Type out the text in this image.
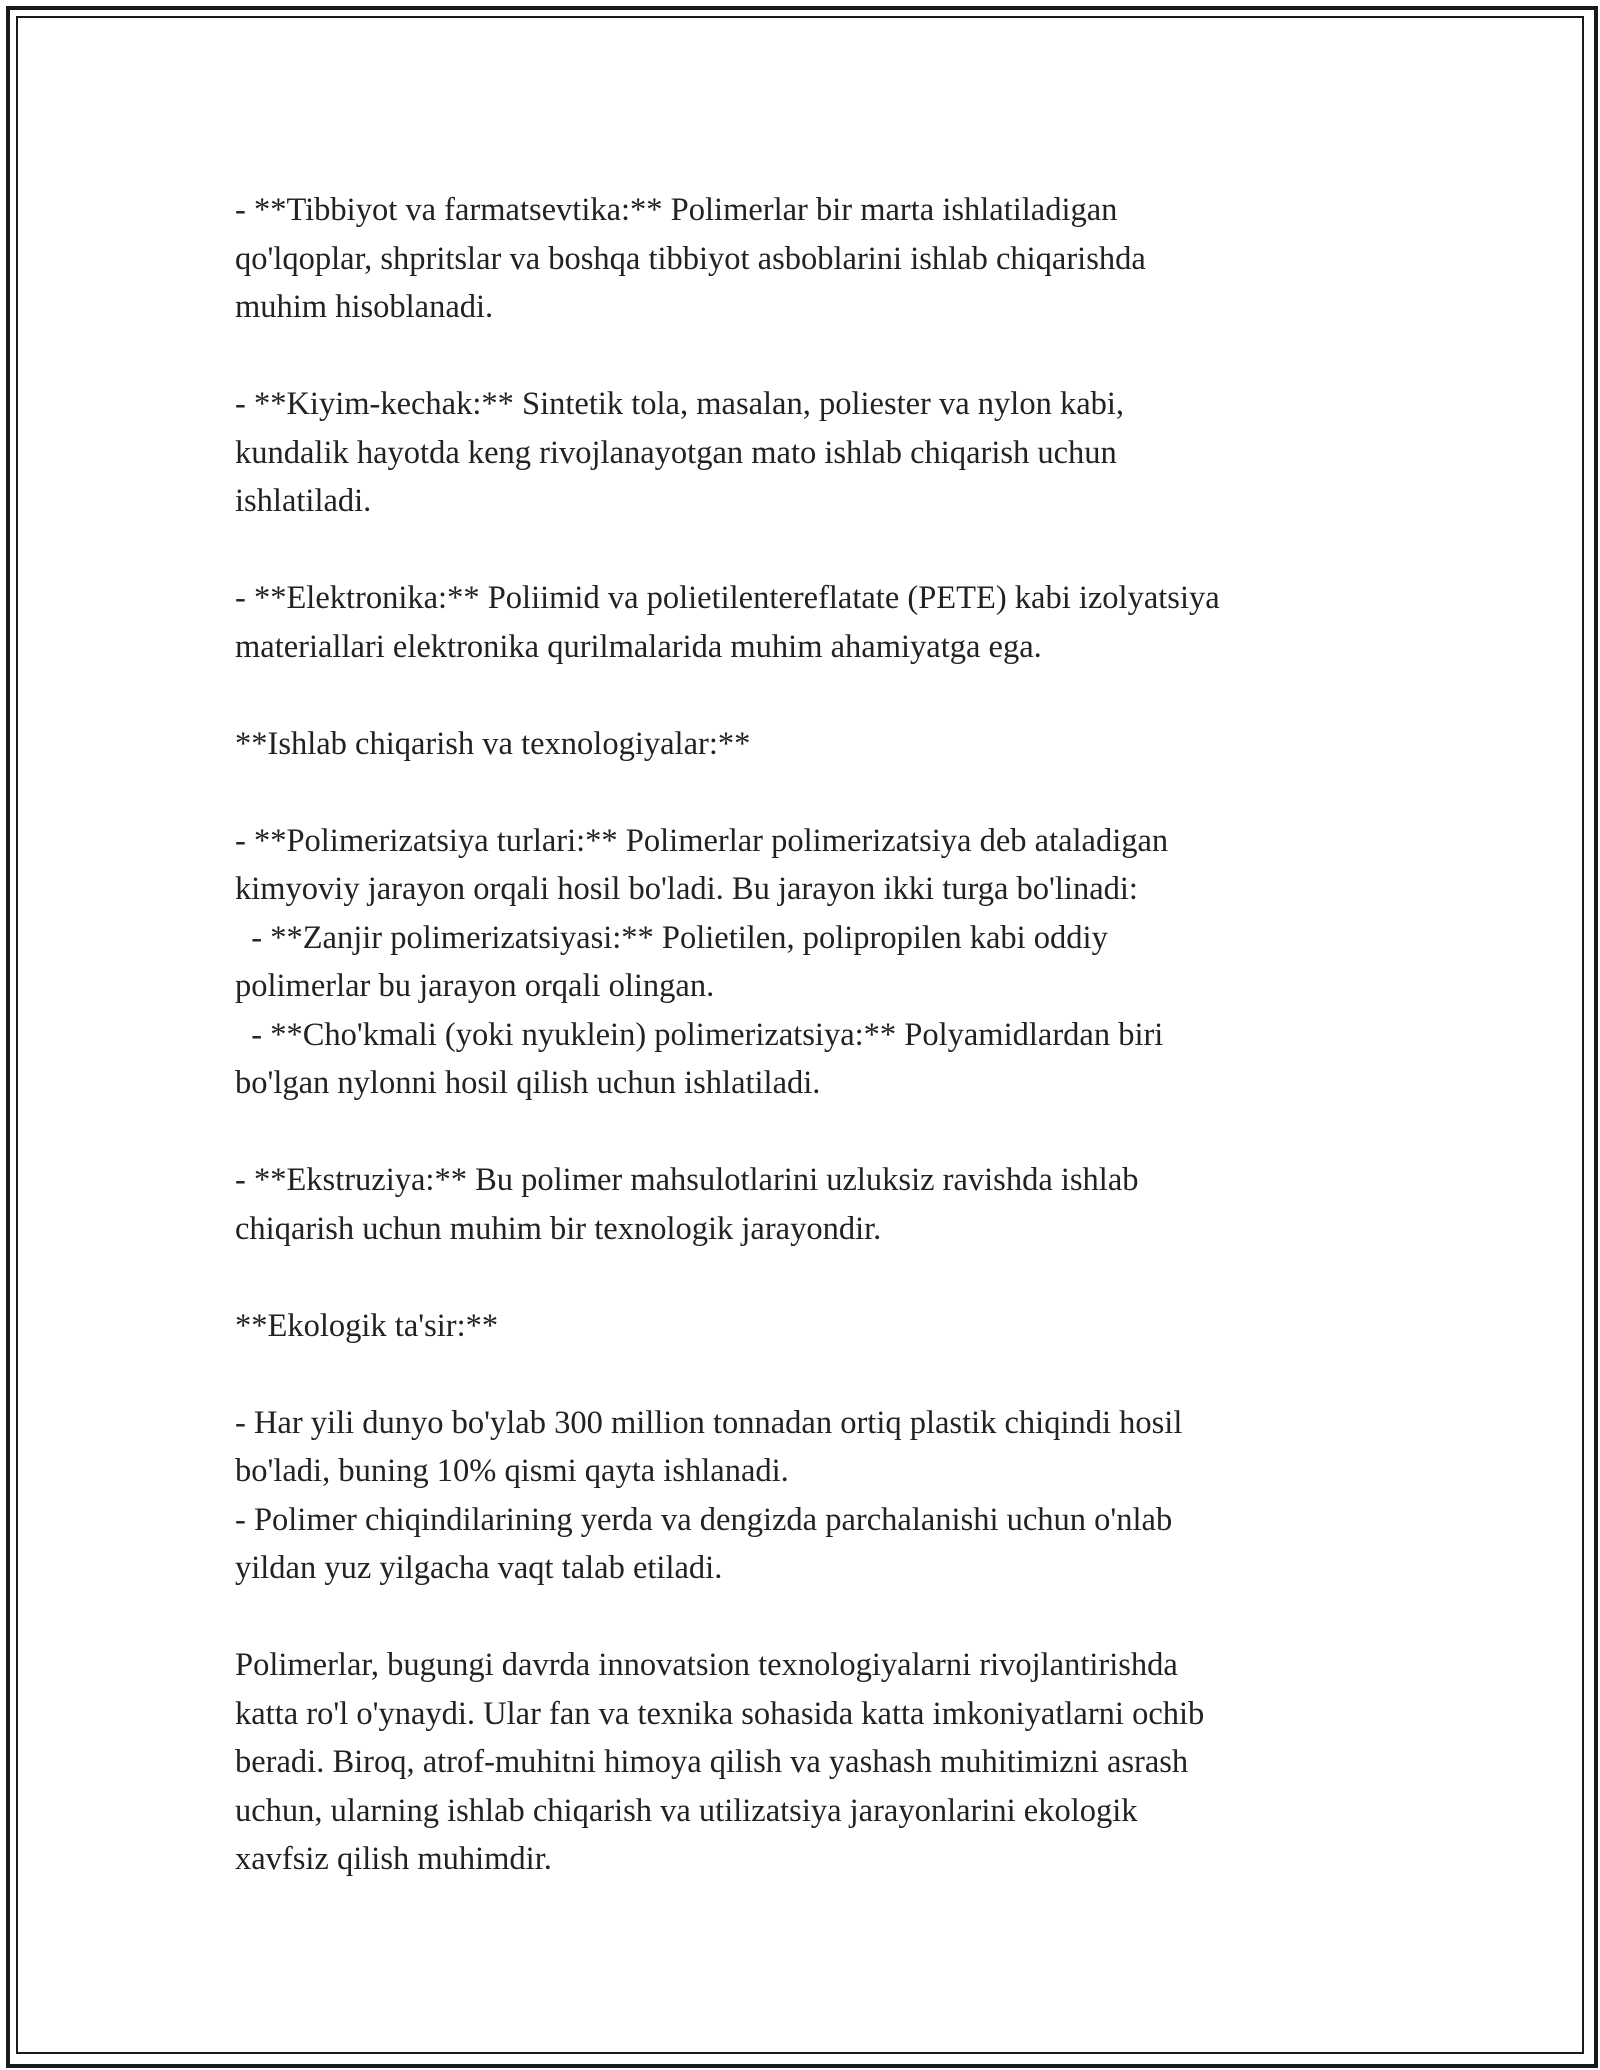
- **Tibbiyot va farmatsevtika:** Polimerlar bir marta ishlatiladigan
qo'lqoplar, shpritslar va boshqa tibbiyot asboblarini ishlab chiqarishda
muhim hisoblanadi.
- **Kiyim-kechak:** Sintetik tola, masalan, poliester va nylon kabi,
kundalik hayotda keng rivojlanayotgan mato ishlab chiqarish uchun
ishlatiladi.
- **Elektronika:** Poliimid va polietilentereflatate (PETE) kabi izolyatsiya
materiallari elektronika qurilmalarida muhim ahamiyatga ega.
**Ishlab chiqarish va texnologiyalar:**
- **Polimerizatsiya turlari:** Polimerlar polimerizatsiya deb ataladigan
kimyoviy jarayon orqali hosil bo'ladi. Bu jarayon ikki turga bo'linadi:
- **Zanjir polimerizatsiyasi:** Polietilen, polipropilen kabi oddiy
polimerlar bu jarayon orqali olingan.
- **Cho'kmali (yoki nyuklein) polimerizatsiya:** Polyamidlardan biri
bo'lgan nylonni hosil qilish uchun ishlatiladi.
- **Ekstruziya:** Bu polimer mahsulotlarini uzluksiz ravishda ishlab
chiqarish uchun muhim bir texnologik jarayondir.
**Ekologik ta'sir:**
- Har yili dunyo bo'ylab 300 million tonnadan ortiq plastik chiqindi hosil
bo'ladi, buning 10% qismi qayta ishlanadi.
- Polimer chiqindilarining yerda va dengizda parchalanishi uchun o'nlab
yildan yuz yilgacha vaqt talab etiladi.
Polimerlar, bugungi davrda innovatsion texnologiyalarni rivojlantirishda
katta ro'l o'ynaydi. Ular fan va texnika sohasida katta imkoniyatlarni ochib
beradi. Biroq, atrof-muhitni himoya qilish va yashash muhitimizni asrash
uchun, ularning ishlab chiqarish va utilizatsiya jarayonlarini ekologik
xavfsiz qilish muhimdir.
